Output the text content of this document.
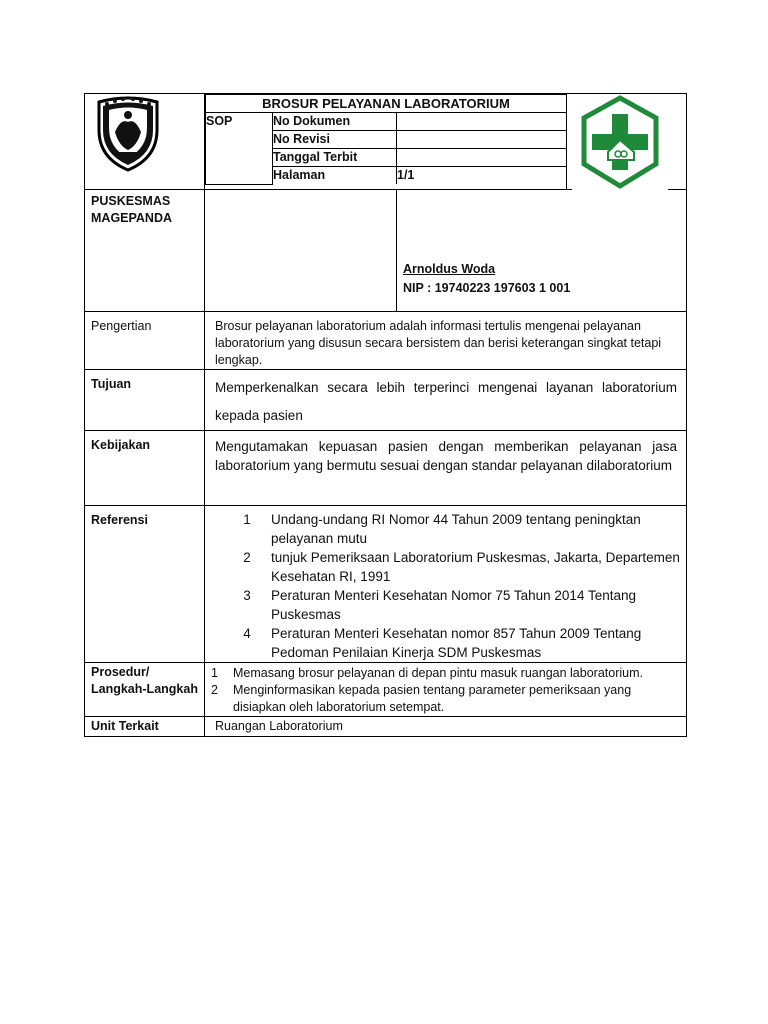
BROSUR PELAYANAN LABORATORIUM
SOP	No Dokumen	
No Revisi	
Tanggal Terbit	
Halaman	1/1

PUSKESMAS
MAGEPANDA

Arnoldus Woda
NIP : 19740223 197603 1 001

Pengertian	Brosur pelayanan laboratorium adalah informasi tertulis mengenai pelayanan laboratorium yang disusun secara bersistem dan berisi keterangan singkat tetapi lengkap.

Tujuan	Memperkenalkan secara lebih terperinci mengenai layanan laboratorium kepada pasien

Kebijakan	Mengutamakan kepuasan pasien dengan memberikan pelayanan jasa laboratorium yang bermutu sesuai dengan standar pelayanan dilaboratorium

Referensi	1	Undang-undang RI Nomor 44 Tahun 2009 tentang peningktan pelayanan mutu
2	tunjuk Pemeriksaan Laboratorium Puskesmas, Jakarta, Departemen Kesehatan RI, 1991
3	Peraturan Menteri Kesehatan Nomor 75 Tahun 2014 Tentang Puskesmas
4	Peraturan Menteri Kesehatan nomor 857 Tahun 2009 Tentang Pedoman Penilaian Kinerja SDM Puskesmas

Prosedur/
Langkah-Langkah

1	Memasang brosur pelayanan di depan pintu masuk ruangan laboratorium.
2	Menginformasikan kepada pasien tentang parameter pemeriksaan yang disiapkan oleh laboratorium setempat.

Unit Terkait	Ruangan Laboratorium
